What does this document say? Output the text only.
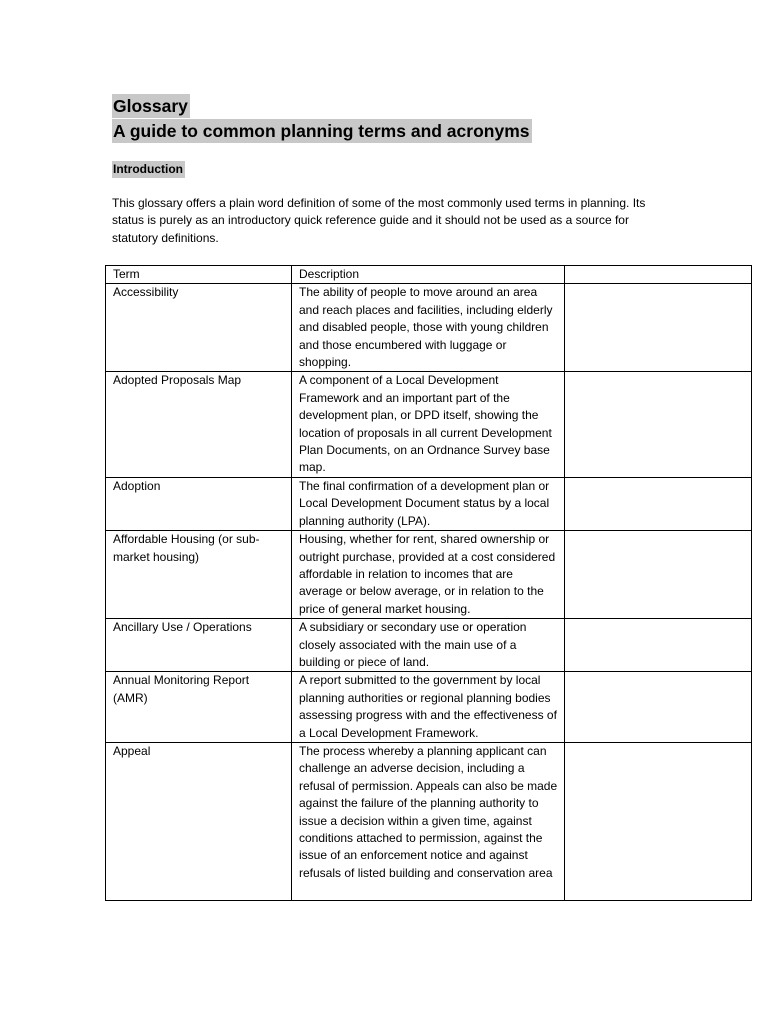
Glossary
A guide to common planning terms and acronyms
Introduction
This glossary offers a plain word definition of some of the most commonly used terms in planning. Its status is purely as an introductory quick reference guide and it should not be used as a source for statutory definitions.
Term	Description	
Accessibility	The ability of people to move around an area and reach places and facilities, including elderly and disabled people, those with young children and those encumbered with luggage or shopping.	
Adopted Proposals Map	A component of a Local Development Framework and an important part of the development plan, or DPD itself, showing the location of proposals in all current Development Plan Documents, on an Ordnance Survey base map.	
Adoption	The final confirmation of a development plan or Local Development Document status by a local planning authority (LPA).	
Affordable Housing (or sub-market housing)	Housing, whether for rent, shared ownership or outright purchase, provided at a cost considered affordable in relation to incomes that are average or below average, or in relation to the price of general market housing.	
Ancillary Use / Operations	A subsidiary or secondary use or operation closely associated with the main use of a building or piece of land.	
Annual Monitoring Report (AMR)	A report submitted to the government by local planning authorities or regional planning bodies assessing progress with and the effectiveness of a Local Development Framework.	
Appeal	The process whereby a planning applicant can challenge an adverse decision, including a refusal of permission. Appeals can also be made against the failure of the planning authority to issue a decision within a given time, against conditions attached to permission, against the issue of an enforcement notice and against refusals of listed building and conservation area	
